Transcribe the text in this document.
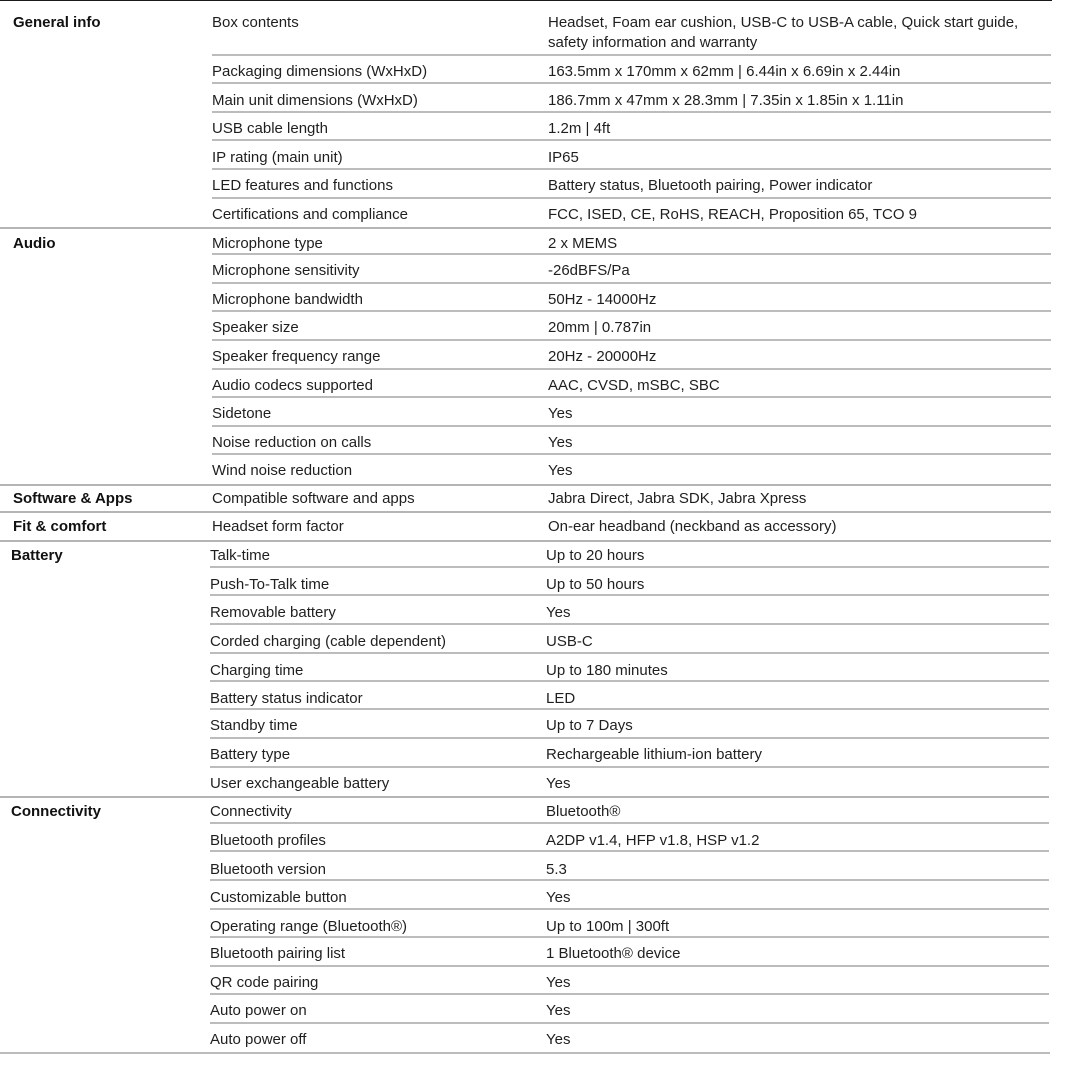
General info	Box contents	Headset, Foam ear cushion, USB-C to USB-A cable, Quick start guide, safety information and warranty
Packaging dimensions (WxHxD)	163.5mm x 170mm x 62mm | 6.44in x 6.69in x 2.44in
Main unit dimensions (WxHxD)	186.7mm x 47mm x 28.3mm | 7.35in x 1.85in x 1.11in
USB cable length	1.2m | 4ft
IP rating (main unit)	IP65
LED features and functions	Battery status, Bluetooth pairing, Power indicator
Certifications and compliance	FCC, ISED, CE, RoHS, REACH, Proposition 65, TCO 9
Audio	Microphone type	2 x MEMS
Microphone sensitivity	-26dBFS/Pa
Microphone bandwidth	50Hz - 14000Hz
Speaker size	20mm | 0.787in
Speaker frequency range	20Hz - 20000Hz
Audio codecs supported	AAC, CVSD, mSBC, SBC
Sidetone	Yes
Noise reduction on calls	Yes
Wind noise reduction	Yes
Software & Apps	Compatible software and apps	Jabra Direct, Jabra SDK, Jabra Xpress
Fit & comfort	Headset form factor	On-ear headband (neckband as accessory)
Battery	Talk-time	Up to 20 hours
Push-To-Talk time	Up to 50 hours
Removable battery	Yes
Corded charging (cable dependent)	USB-C
Charging time	Up to 180 minutes
Battery status indicator	LED
Standby time	Up to 7 Days
Battery type	Rechargeable lithium-ion battery
User exchangeable battery	Yes
Connectivity	Connectivity	Bluetooth®
Bluetooth profiles	A2DP v1.4, HFP v1.8, HSP v1.2
Bluetooth version	5.3
Customizable button	Yes
Operating range (Bluetooth®)	Up to 100m | 300ft
Bluetooth pairing list	1 Bluetooth® device
QR code pairing	Yes
Auto power on	Yes
Auto power off	Yes
